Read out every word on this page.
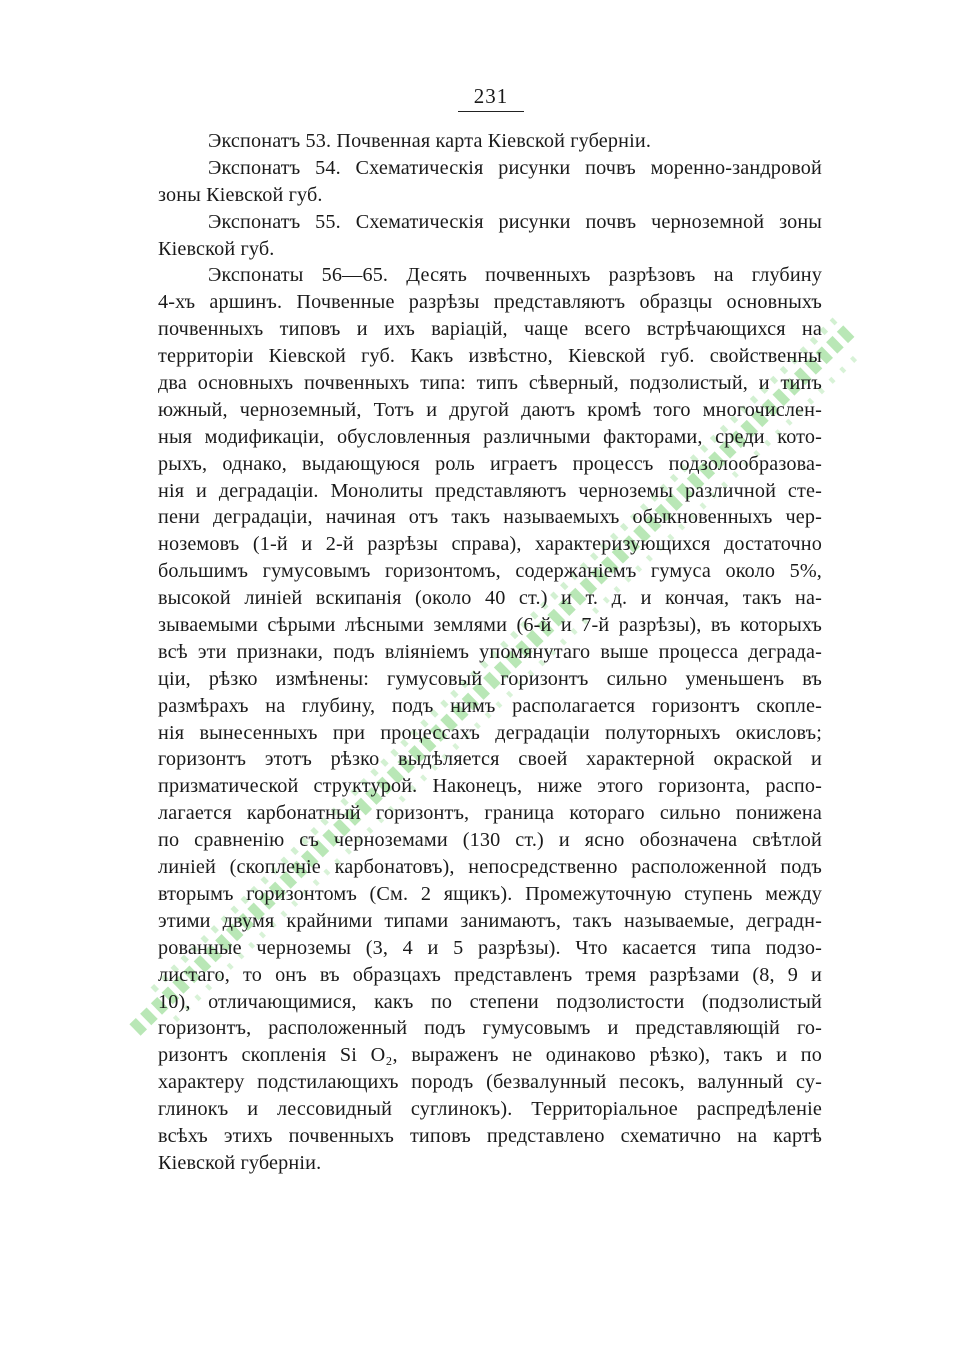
231
Экспонатъ 53. Почвенная карта Кіевской губерніи.
Экспонатъ 54. Схематическія рисунки почвъ моренно-зандровой
зоны Кіевской губ.
Экспонатъ 55. Схематическія рисунки почвъ черноземной зоны
Кіевской губ.
Экспонаты 56—65. Десять почвенныхъ разрѣзовъ на глубину
4-хъ аршинъ. Почвенные разрѣзы представляютъ образцы основныхъ
почвенныхъ типовъ и ихъ варіацій, чаще всего встрѣчающихся на
территоріи Кіевской губ. Какъ извѣстно, Кіевской губ. свойственны
два основныхъ почвенныхъ типа: типъ сѣверный, подзолистый, и типъ
южный, черноземный, Тотъ и другой даютъ кромѣ того многочислен-
ныя модификаціи, обусловленныя различными факторами, среди кото-
рыхъ, однако, выдающуюся роль играетъ процессъ подзолообразова-
нія и деградаціи. Монолиты представляютъ черноземы различной сте-
пени деградаціи, начиная отъ такъ называемыхъ обыкновенныхъ чер-
ноземовъ (1-й и 2-й разрѣзы справа), характеризующихся достаточно
большимъ гумусовымъ горизонтомъ, содержаніемъ гумуса около 5%,
высокой линіей вскипанія (около 40 ст.) и т. д. и кончая, такъ на-
зываемыми сѣрыми лѣсными землями (6-й и 7-й разрѣзы), въ которыхъ
всѣ эти признаки, подъ вліяніемъ упомянутаго выше процесса деграда-
ціи, рѣзко измѣнены: гумусовый горизонтъ сильно уменьшенъ въ
размѣрахъ на глубину, подъ нимъ располагается горизонтъ скопле-
нія вынесенныхъ при процессахъ деградаціи полуторныхъ окисловъ;
горизонтъ этотъ рѣзко выдѣляется своей характерной окраской и
призматической структурой. Наконецъ, ниже этого горизонта, распо-
лагается карбонатный горизонтъ, граница котораго сильно понижена
по сравненію съ черноземами (130 ст.) и ясно обозначена свѣтлой
линіей (скопленіе карбонатовъ), непосредственно расположенной подъ
вторымъ горизонтомъ (См. 2 ящикъ). Промежуточную ступень между
этими двумя крайними типами занимаютъ, такъ называемые, деградн-
рованные черноземы (3, 4 и 5 разрѣзы). Что касается типа подзо-
листаго, то онъ въ образцахъ представленъ тремя разрѣзами (8, 9 и
10), отличающимися, какъ по степени подзолистости (подзолистый
горизонтъ, расположенный подъ гумусовымъ и представляющій го-
ризонтъ скопленія Si O₂, выраженъ не одинаково рѣзко), такъ и по
характеру подстилающихъ породъ (безвалунный песокъ, валунный су-
глинокъ и лессовидный суглинокъ). Территоріальное распредѣленіе
всѣхъ этихъ почвенныхъ типовъ представлено схематично на картѣ
Кіевской губерніи.
